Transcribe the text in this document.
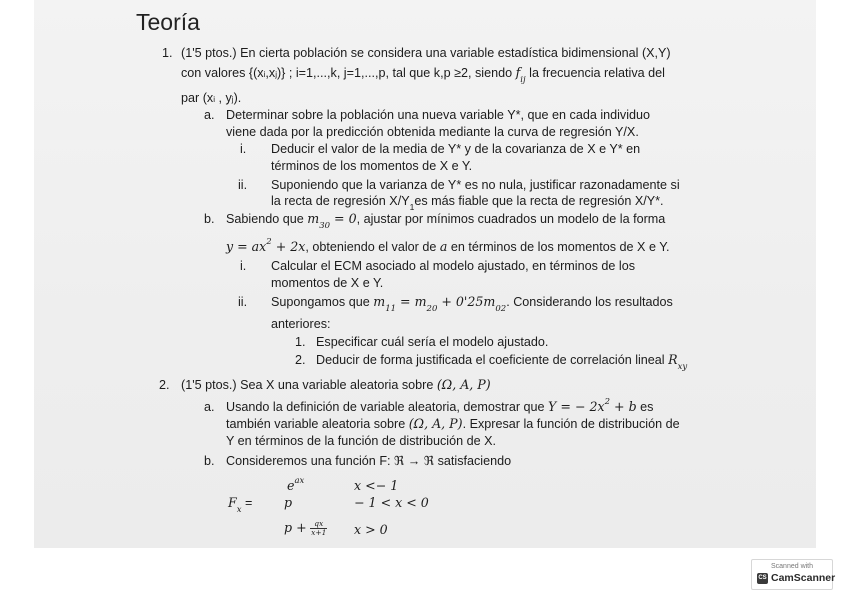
Teoría
1. (1'5 ptos.) En cierta población se considera una variable estadística bidimensional (X,Y)
con valores {(xi,xj)} ; i=1,...,k, j=1,...,p, tal que k,p ≥2, siendo $f_{ij}$ la frecuencia relativa del
par (xi , yj).
a. Determinar sobre la población una nueva variable Y*, que en cada individuo
viene dada por la predicción obtenida mediante la curva de regresión Y/X.
i. Deducir el valor de la media de Y* y de la covarianza de X e Y* en
términos de los momentos de X e Y.
ii. Suponiendo que la varianza de Y* es no nula, justificar razonadamente si
la recta de regresión $X/Y_1es$ más fiable que la recta de regresión X/Y*.
b. Sabiendo que $m_{30} = 0$, ajustar por mínimos cuadrados un modelo de la forma
$y = ax^2 + 2x$, obteniendo el valor de a en términos de los momentos de X e Y.
i. Calcular el ECM asociado al modelo ajustado, en términos de los
momentos de X e Y.
ii. Supongamos que $m_{11} = m_{20} + 0'25m_{02}$. Considerando los resultados
anteriores:
1. Especificar cuál sería el modelo ajustado.
2. Deducir de forma justificada el coeficiente de correlación lineal $R_{xy}$
2. (1'5 ptos.) Sea X una variable aleatoria sobre (Ω, A, P)
a. Usando la definición de variable aleatoria, demostrar que Y = − $2x^2 + b$ es
también variable aleatoria sobre (Ω, A, P). Expresar la función de distribución de
Y en términos de la función de distribución de X.
b. Consideremos una función F: ℜ → ℜ satisfaciendo
$F_x$ =
$e^{ax}$	x <− 1
p	− 1 < x < 0
$p + \frac{qx}{x+1}$ x > 0
Scanned with
CS CamScanner
